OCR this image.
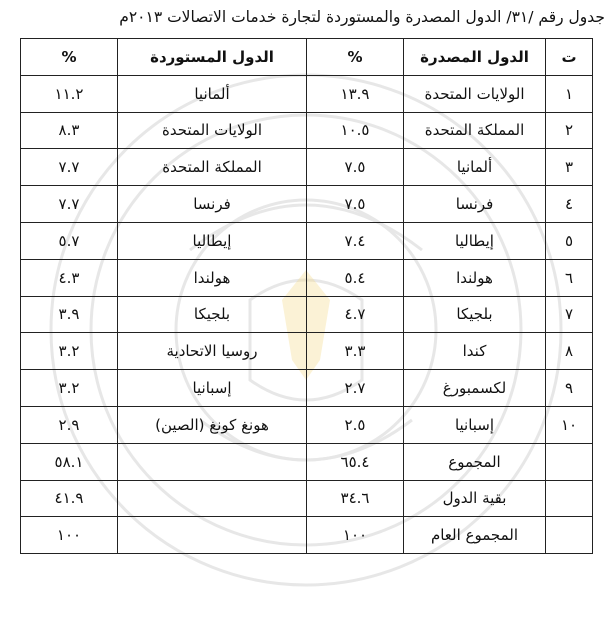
جدول رقم /٣١/ الدول المصدرة والمستوردة لتجارة خدمات الاتصالات ٢٠١٣م
ت	الدول المصدرة	%	الدول المستوردة	%
١	الولايات المتحدة	١٣.٩	ألمانيا	١١.٢
٢	المملكة المتحدة	١٠.٥	الولايات المتحدة	٨.٣
٣	ألمانيا	٧.٥	المملكة المتحدة	٧.٧
٤	فرنسا	٧.٥	فرنسا	٧.٧
٥	إيطاليا	٧.٤	إيطاليا	٥.٧
٦	هولندا	٥.٤	هولندا	٤.٣
٧	بلجيكا	٤.٧	بلجيكا	٣.٩
٨	كندا	٣.٣	روسيا الاتحادية	٣.٢
٩	لكسمبورغ	٢.٧	إسبانيا	٣.٢
١٠	إسبانيا	٢.٥	هونغ كونغ (الصين)	٢.٩
	المجموع	٦٥.٤		٥٨.١
	بقية الدول	٣٤.٦		٤١.٩
	المجموع العام	١٠٠		١٠٠
